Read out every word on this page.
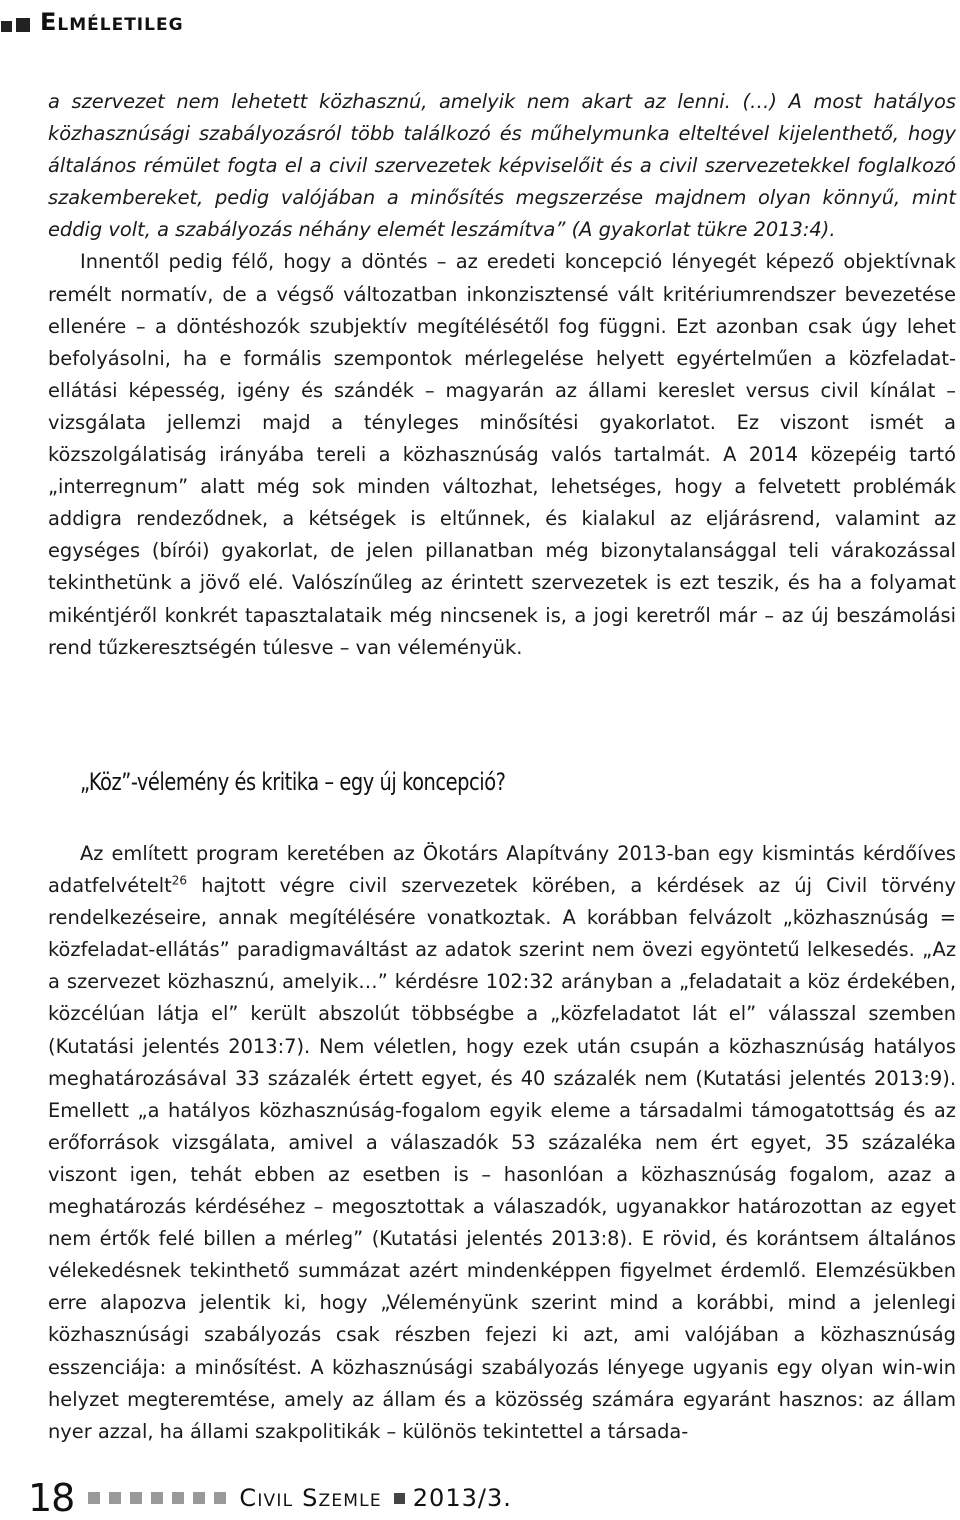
Elméletileg

a szervezet nem lehetett közhasznú, amelyik nem akart az lenni. (…) A most hatályos közhasznúsági szabályozásról több találkozó és műhelymunka elteltével kijelenthető, hogy általános rémület fogta el a civil szervezetek képviselőit és a civil szervezetekkel foglalkozó szakembereket, pedig valójában a minősítés megszerzése majdnem olyan könnyű, mint eddig volt, a szabályozás néhány elemét leszámítva” (A gyakorlat tükre 2013:4).

Innentől pedig félő, hogy a döntés – az eredeti koncepció lényegét képező objektívnak remélt normatív, de a végső változatban inkonzisztensé vált kritériumrendszer bevezetése ellenére – a döntéshozók szubjektív megítélésétől fog függni. Ezt azonban csak úgy lehet befolyásolni, ha e formális szempontok mérlegelése helyett egyértelműen a közfeladat-ellátási képesség, igény és szándék – magyarán az állami kereslet versus civil kínálat – vizsgálata jellemzi majd a tényleges minősítési gyakorlatot. Ez viszont ismét a közszolgálatiság irányába tereli a közhasznúság valós tartalmát. A 2014 közepéig tartó „interregnum” alatt még sok minden változhat, lehetséges, hogy a felvetett problémák addigra rendeződnek, a kétségek is eltűnnek, és kialakul az eljárásrend, valamint az egységes (bírói) gyakorlat, de jelen pillanatban még bizonytalansággal teli várakozással tekinthetünk a jövő elé. Valószínűleg az érintett szervezetek is ezt teszik, és ha a folyamat mikéntjéről konkrét tapasztalataik még nincsenek is, a jogi keretről már – az új beszámolási rend tűzkeresztségén túlesve – van véleményük.

„Köz”-vélemény és kritika – egy új koncepció?

Az említett program keretében az Ökotárs Alapítvány 2013-ban egy kismintás kérdőíves adatfelvételt$^{26}$ hajtott végre civil szervezetek körében, a kérdések az új Civil törvény rendelkezéseire, annak megítélésére vonatkoztak. A korábban felvázolt „közhasznúság = közfeladat-ellátás” paradigmaváltást az adatok szerint nem övezi egyöntetű lelkesedés. „Az a szervezet közhasznú, amelyik…” kérdésre 102:32 arányban a „feladatait a köz érdekében, közcélúan látja el” került abszolút többségbe a „közfeladatot lát el” válasszal szemben (Kutatási jelentés 2013:7). Nem véletlen, hogy ezek után csupán a közhasznúság hatályos meghatározásával 33 százalék értett egyet, és 40 százalék nem (Kutatási jelentés 2013:9). Emellett „a hatályos közhasznúság-fogalom egyik eleme a társadalmi támogatottság és az erőforrások vizsgálata, amivel a válaszadók 53 százaléka nem ért egyet, 35 százaléka viszont igen, tehát ebben az esetben is – hasonlóan a közhasznúság fogalom, azaz a meghatározás kérdéséhez – megosztottak a válaszadók, ugyanakkor határozottan az egyet nem értők felé billen a mérleg” (Kutatási jelentés 2013:8). E rövid, és korántsem általános vélekedésnek tekinthető summázat azért mindenképpen figyelmet érdemlő. Elemzésükben erre alapozva jelentik ki, hogy „Véleményünk szerint mind a korábbi, mind a jelenlegi közhasznúsági szabályozás csak részben fejezi ki azt, ami valójában a közhasznúság esszenciája: a minősítést. A közhasznúsági szabályozás lényege ugyanis egy olyan win-win helyzet megteremtése, amely az állam és a közösség számára egyaránt hasznos: az állam nyer azzal, ha állami szakpolitikák – különös tekintettel a társada-

18	Civil Szemle 2013/3.
